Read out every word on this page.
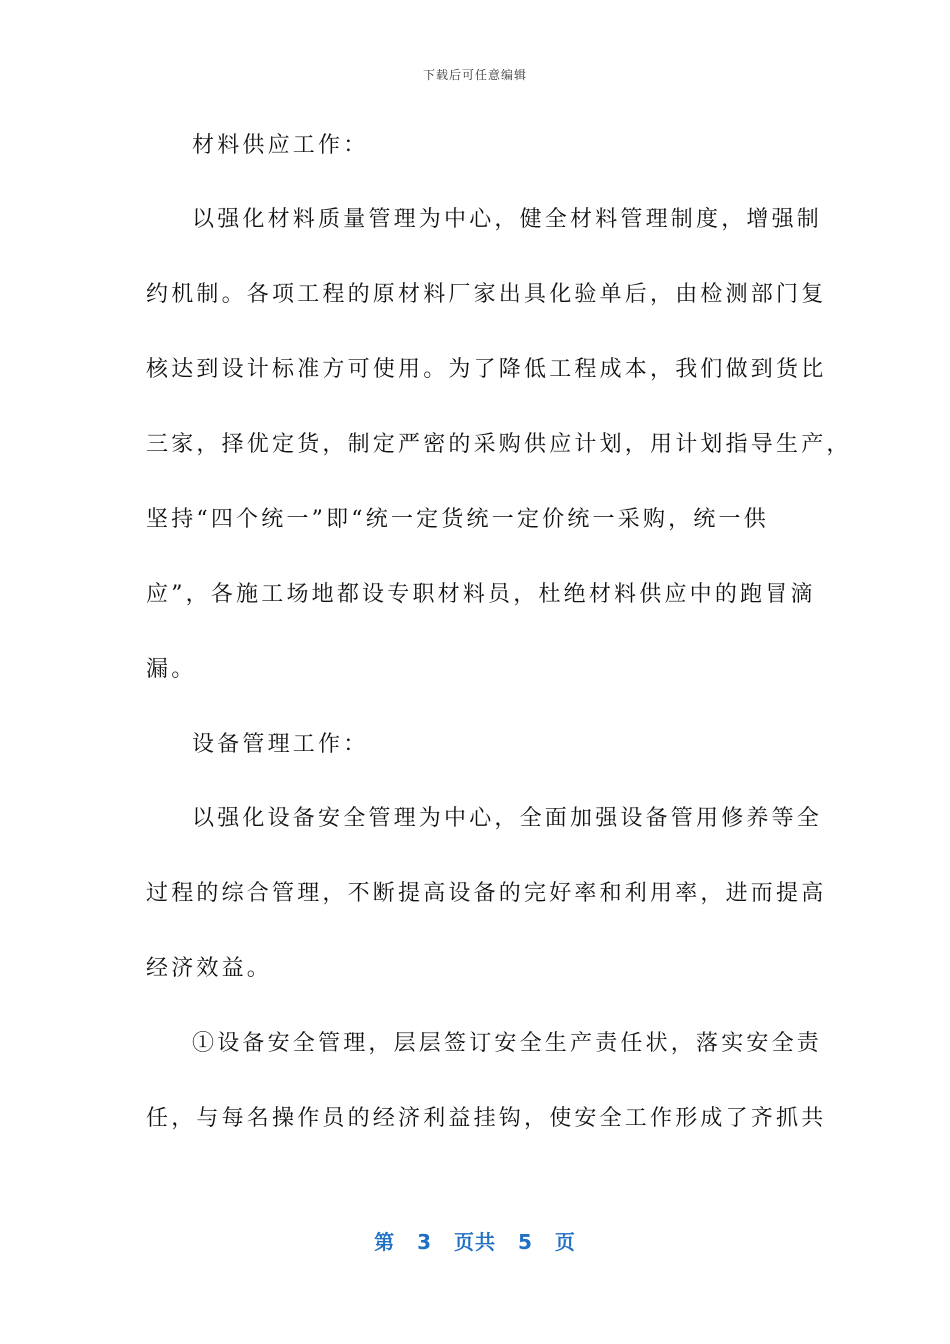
下载后可任意编辑
材料供应工作：
以强化材料质量管理为中心，健全材料管理制度，增强制
约机制。各项工程的原材料厂家出具化验单后，由检测部门复
核达到设计标准方可使用。为了降低工程成本，我们做到货比
三家，择优定货，制定严密的采购供应计划，用计划指导生产，
坚持“四个统一”即“统一定货统一定价统一采购，统一供
应”，各施工场地都设专职材料员，杜绝材料供应中的跑冒滴
漏。
设备管理工作：
以强化设备安全管理为中心，全面加强设备管用修养等全
过程的综合管理，不断提高设备的完好率和利用率，进而提高
经济效益。
①设备安全管理，层层签订安全生产责任状，落实安全责
任，与每名操作员的经济利益挂钩，使安全工作形成了齐抓共
第 3 页共 5 页
